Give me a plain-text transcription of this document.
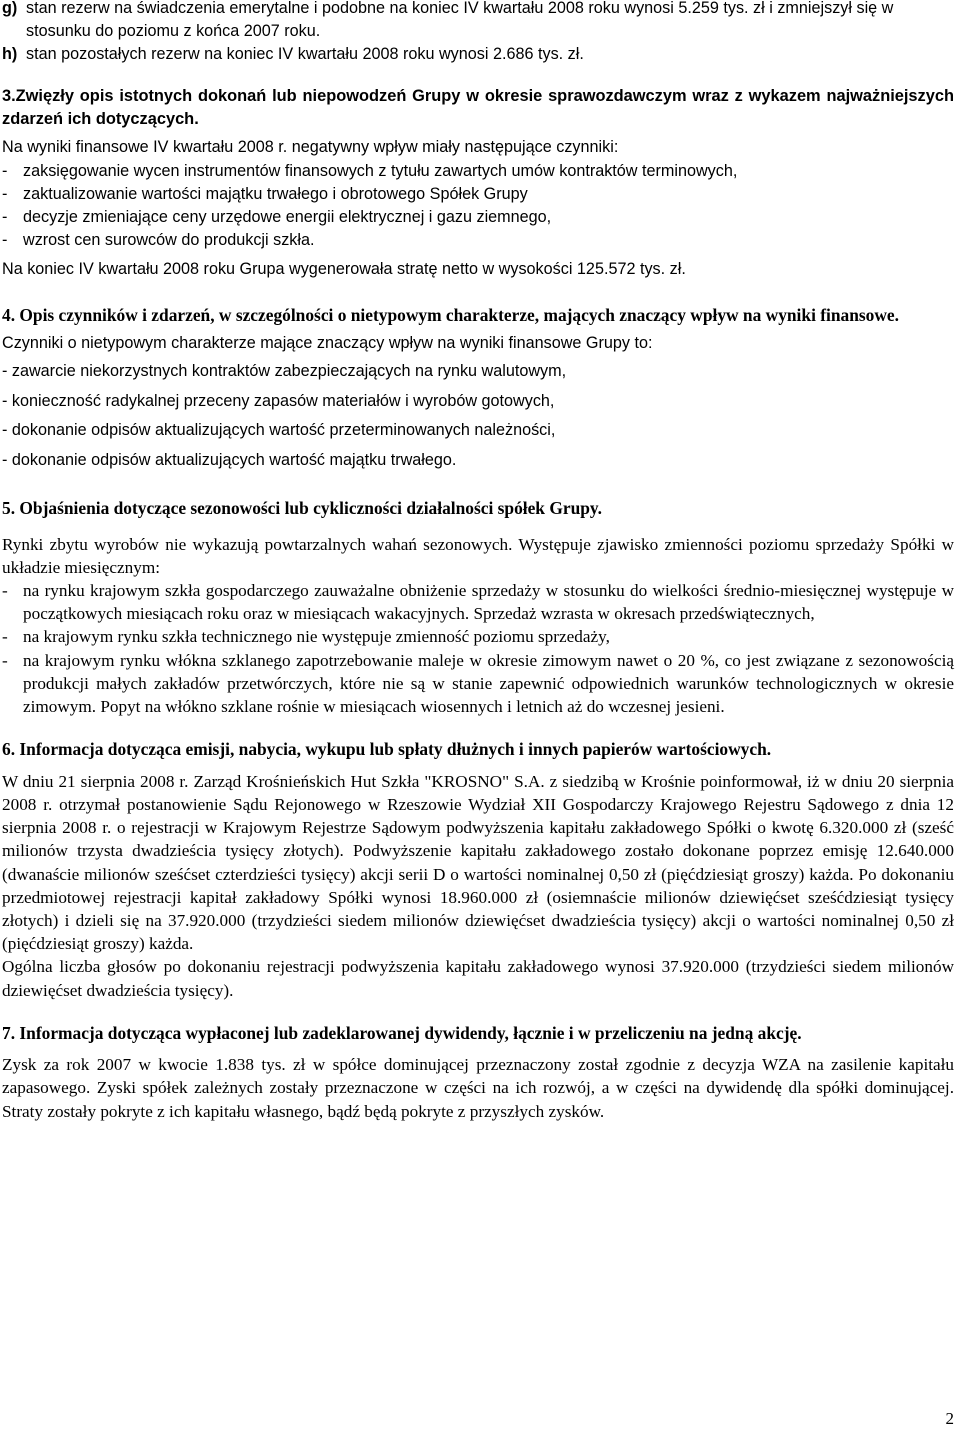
g) stan rezerw na świadczenia emerytalne i podobne na koniec IV kwartału 2008 roku wynosi 5.259 tys. zł i zmniejszył się w stosunku do poziomu z końca 2007 roku.
h) stan pozostałych rezerw na koniec IV kwartału 2008 roku wynosi 2.686 tys. zł.

3.Zwięzły opis istotnych dokonań lub niepowodzeń Grupy w okresie sprawozdawczym wraz z wykazem najważniejszych zdarzeń ich dotyczących.

Na wyniki finansowe IV kwartału 2008 r. negatywny wpływ miały następujące czynniki:

- zaksięgowanie wycen instrumentów finansowych z tytułu zawartych umów kontraktów terminowych,
- zaktualizowanie wartości majątku trwałego i obrotowego Spółek Grupy
- decyzje zmieniające ceny urzędowe energii elektrycznej i gazu ziemnego,
- wzrost cen surowców do produkcji szkła.

Na koniec IV kwartału 2008 roku Grupa wygenerowała stratę netto w wysokości 125.572 tys. zł.

4. Opis czynników i zdarzeń, w szczególności o nietypowym charakterze, mających znaczący wpływ na wyniki finansowe.

Czynniki o nietypowym charakterze mające znaczący wpływ na wyniki finansowe Grupy to:

- zawarcie niekorzystnych kontraktów zabezpieczających na rynku walutowym,
- konieczność radykalnej przeceny zapasów materiałów i wyrobów gotowych,
- dokonanie odpisów aktualizujących wartość przeterminowanych należności,
- dokonanie odpisów aktualizujących wartość majątku trwałego.

5. Objaśnienia dotyczące sezonowości lub cykliczności działalności spółek Grupy.

Rynki zbytu wyrobów nie wykazują powtarzalnych wahań sezonowych. Występuje zjawisko zmienności poziomu sprzedaży Spółki w układzie miesięcznym:

- na rynku krajowym szkła gospodarczego zauważalne obniżenie sprzedaży w stosunku do wielkości średnio-miesięcznej występuje w początkowych miesiącach roku oraz w miesiącach wakacyjnych. Sprzedaż wzrasta w okresach przedświątecznych,
- na krajowym rynku szkła technicznego nie występuje zmienność poziomu sprzedaży,
- na krajowym rynku włókna szklanego zapotrzebowanie maleje w okresie zimowym nawet o 20 %, co jest związane z sezonowością produkcji małych zakładów przetwórczych, które nie są w stanie zapewnić odpowiednich warunków technologicznych w okresie zimowym. Popyt na włókno szklane rośnie w miesiącach wiosennych i letnich aż do wczesnej jesieni.

6. Informacja dotycząca emisji, nabycia, wykupu lub spłaty dłużnych i innych papierów wartościowych.

W dniu 21 sierpnia 2008 r. Zarząd Krośnieńskich Hut Szkła "KROSNO" S.A. z siedzibą w Krośnie poinformował, iż w dniu 20 sierpnia 2008 r. otrzymał postanowienie Sądu Rejonowego w Rzeszowie Wydział XII Gospodarczy Krajowego Rejestru Sądowego z dnia 12 sierpnia 2008 r. o rejestracji w Krajowym Rejestrze Sądowym podwyższenia kapitału zakładowego Spółki o kwotę 6.320.000 zł (sześć milionów trzysta dwadzieścia tysięcy złotych). Podwyższenie kapitału zakładowego zostało dokonane poprzez emisję 12.640.000 (dwanaście milionów sześćset czterdzieści tysięcy) akcji serii D o wartości nominalnej 0,50 zł (pięćdziesiąt groszy) każda. Po dokonaniu przedmiotowej rejestracji kapitał zakładowy Spółki wynosi 18.960.000 zł (osiemnaście milionów dziewięćset sześćdziesiąt tysięcy złotych) i dzieli się na 37.920.000 (trzydzieści siedem milionów dziewięćset dwadzieścia tysięcy) akcji o wartości nominalnej 0,50 zł (pięćdziesiąt groszy) każda.

Ogólna liczba głosów po dokonaniu rejestracji podwyższenia kapitału zakładowego wynosi 37.920.000 (trzydzieści siedem milionów dziewięćset dwadzieścia tysięcy).

7. Informacja dotycząca wypłaconej lub zadeklarowanej dywidendy, łącznie i w przeliczeniu na jedną akcję.

Zysk za rok 2007 w kwocie 1.838 tys. zł w spółce dominującej przeznaczony został zgodnie z decyzja WZA na zasilenie kapitału zapasowego. Zyski spółek zależnych zostały przeznaczone w części na ich rozwój, a w części na dywidendę dla spółki dominującej. Straty zostały pokryte z ich kapitału własnego, bądź będą pokryte z przyszłych zysków.

2
